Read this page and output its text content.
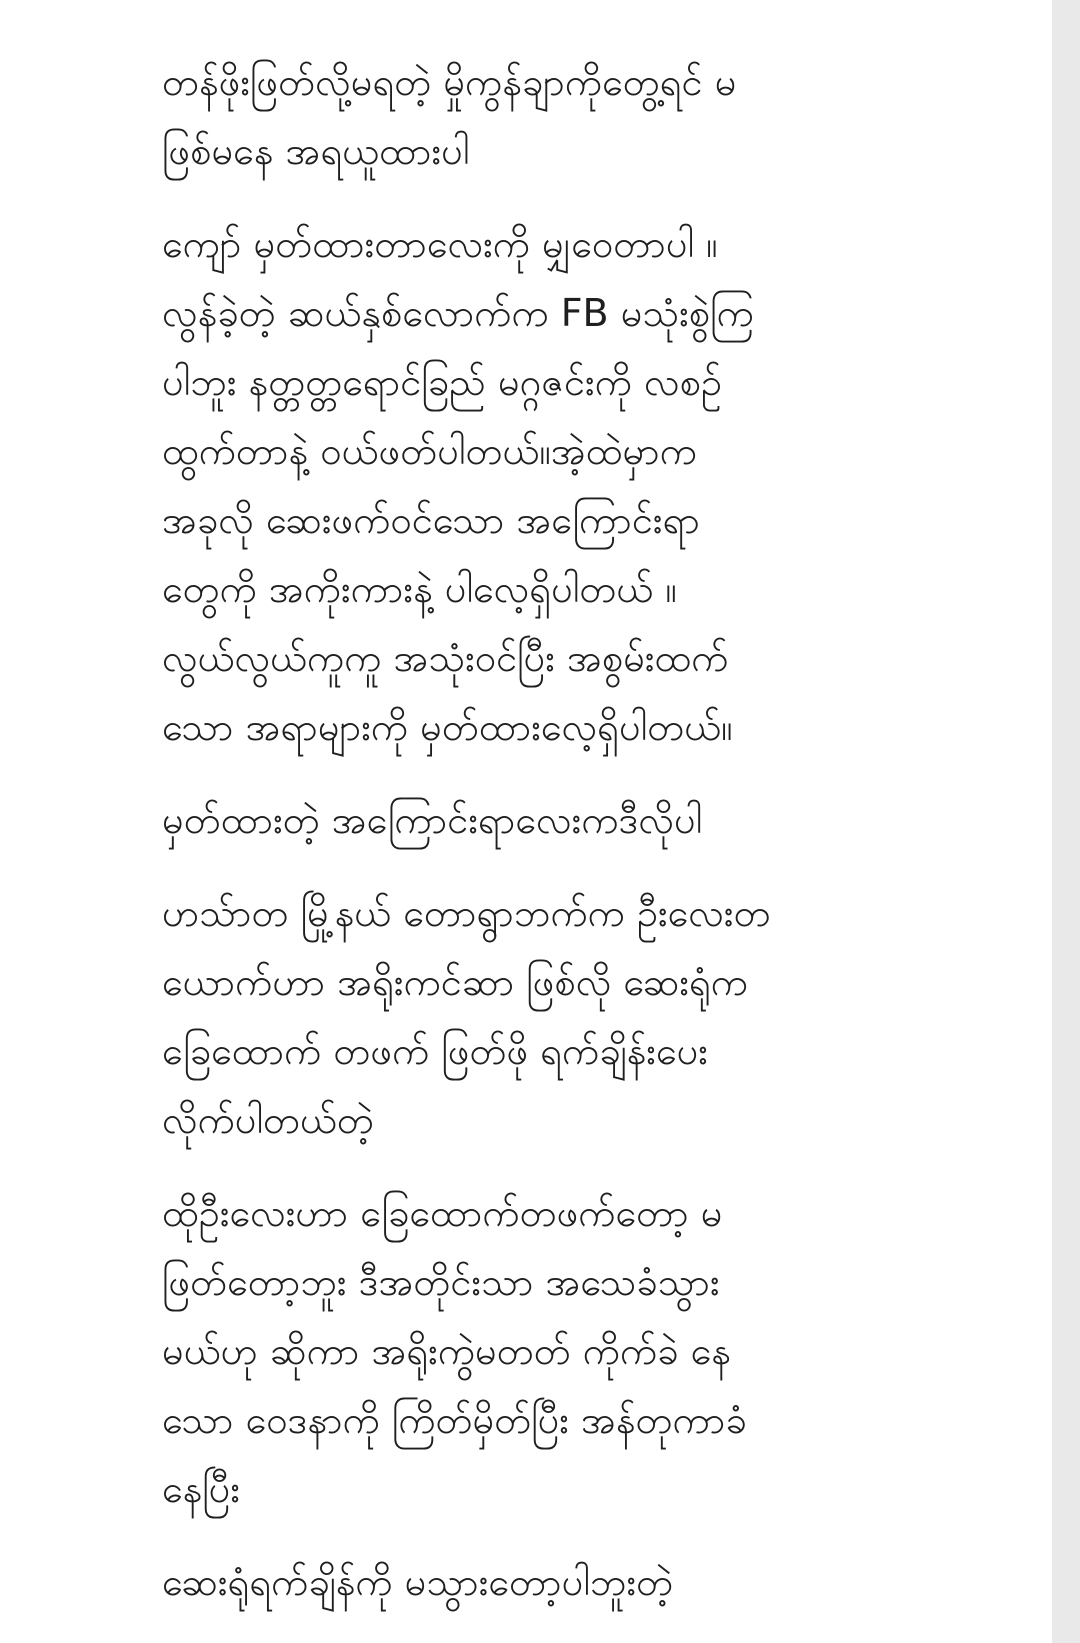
တန်ဖိုးဖြတ်လို့မရတဲ့ မှိုကွန်ချာကိုတွေ့ရင် မ
ဖြစ်မနေ အရယူထားပါ
ကျော် မှတ်ထားတာလေးကို မျှဝေတာပါ ။
လွန်ခဲ့တဲ့ ဆယ်နှစ်လောက်က FB မသုံးစွဲကြ
ပါဘူး နတ္တတ္တရောင်ခြည် မဂ္ဂဇင်းကို လစဉ်
ထွက်တာနဲ့ ဝယ်ဖတ်ပါတယ်။အဲ့ထဲမှာက
အခုလို ဆေးဖက်ဝင်သော အကြောင်းရာ
တွေကို အကိုးကားနဲ့ ပါလေ့ရှိပါတယ် ။
လွယ်လွယ်ကူကူ အသုံးဝင်ပြီး အစွမ်းထက်
သော အရာများကို မှတ်ထားလေ့ရှိပါတယ်။
မှတ်ထားတဲ့ အကြောင်းရာလေးကဒီလိုပါ
ဟသ်ာတ မြို့နယ် တောရွာဘက်က ဦးလေးတ
ယောက်ဟာ အရိုးကင်ဆာ ဖြစ်လို ဆေးရုံက
ခြေထောက် တဖက် ဖြတ်ဖို ရက်ချိန်းပေး
လိုက်ပါတယ်တဲ့
ထိုဦးလေးဟာ ခြေထောက်တဖက်တော့ မ
ဖြတ်တော့ဘူး ဒီအတိုင်းသာ အသေခံသွား
မယ်ဟု ဆိုကာ အရိုးကွဲမတတ် ကိုက်ခဲ နေ
သော ဝေဒနာကို ကြိတ်မှိတ်ပြီး အန်တုကာခံ
နေပြီး
ဆေးရုံရက်ချိန်ကို မသွားတော့ပါဘူးတဲ့
